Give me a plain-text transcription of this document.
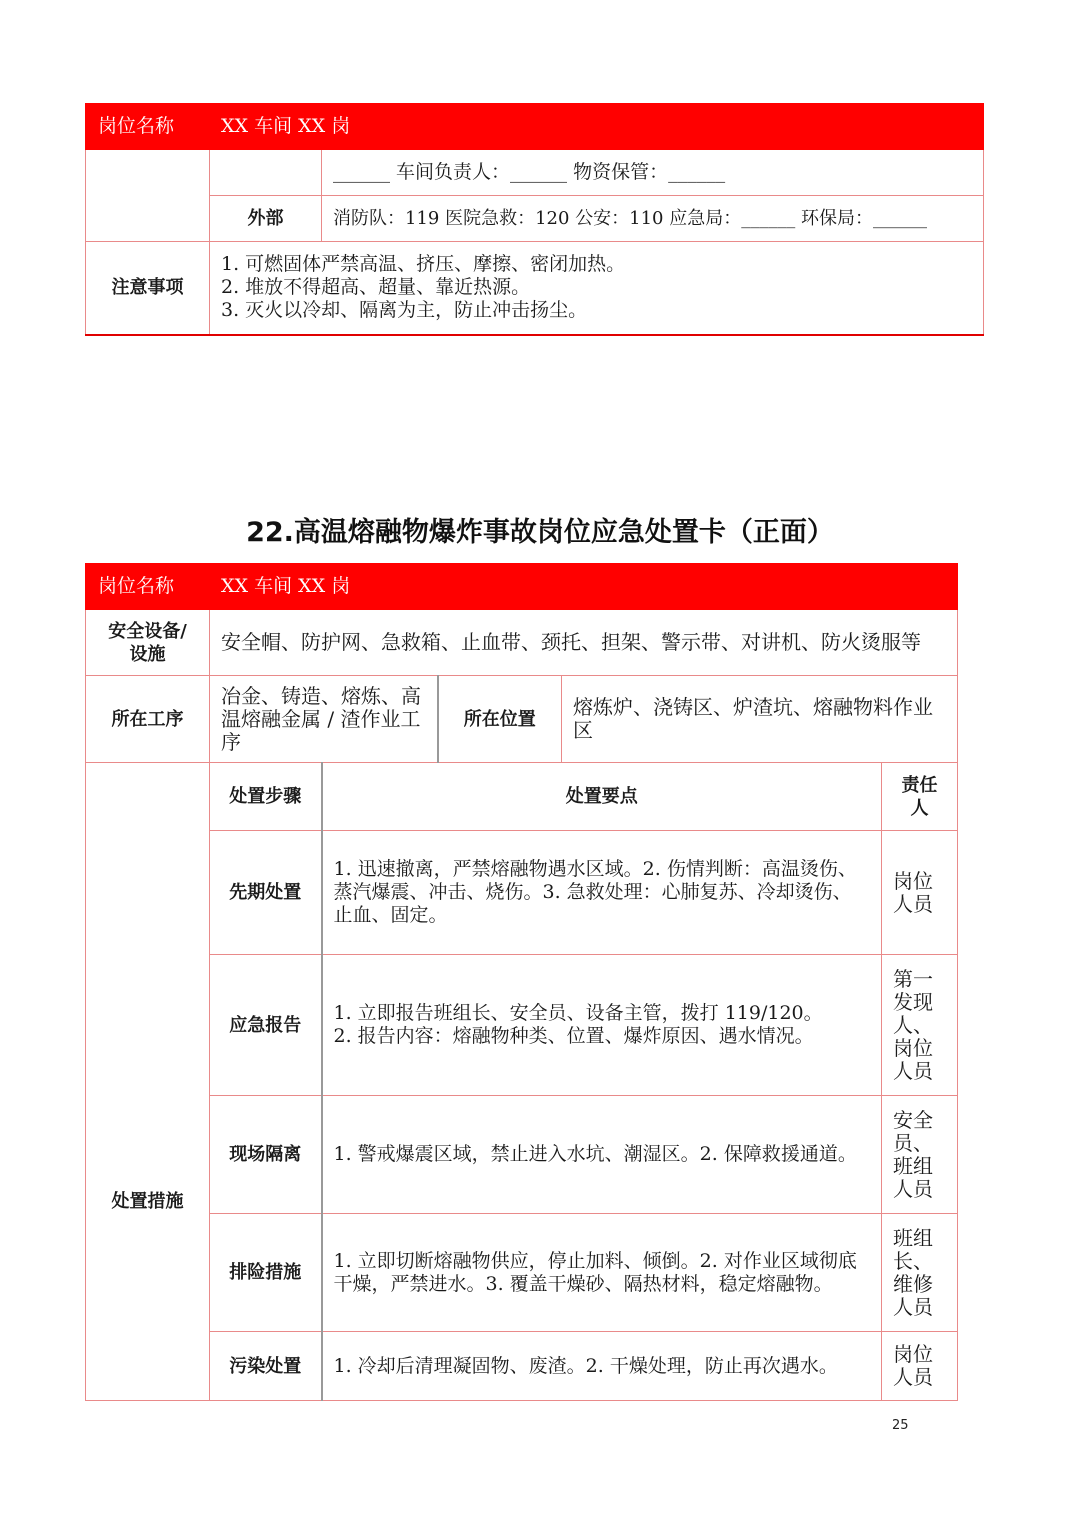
岗位名称	XX 车间 XX 岗	
		______ 车间负责人：______ 物资保管：______
	外部	消防队：119 医院急救：120 公安：110 应急局：______ 环保局：______
注意事项	1. 可燃固体严禁高温、挤压、摩擦、密闭加热。
2. 堆放不得超高、超量、靠近热源。
3. 灭火以冷却、隔离为主，防止冲击扬尘。	
22.高温熔融物爆炸事故岗位应急处置卡（正面）
岗位名称	XX 车间 XX 岗				
安全设备/设施	安全帽、防护网、急救箱、止血带、颈托、担架、警示带、对讲机、防火烫服等				
所在工序	冶金、铸造、熔炼、高温熔融金属 / 渣作业工序		所在位置	熔炼炉、浇铸区、炉渣坑、熔融物料作业区	
处置措施	处置步骤	处置要点			责任人
	先期处置	1. 迅速撤离，严禁熔融物遇水区域。2. 伤情判断：高温烫伤、蒸汽爆震、冲击、烧伤。3. 急救处理：心肺复苏、冷却烫伤、止血、固定。			岗位人员
	应急报告	1. 立即报告班组长、安全员、设备主管，拨打 119/120。
2. 报告内容：熔融物种类、位置、爆炸原因、遇水情况。			第一发现人、岗位人员
	现场隔离	1. 警戒爆震区域，禁止进入水坑、潮湿区。2. 保障救援通道。			安全员、班组人员
	排险措施	1. 立即切断熔融物供应，停止加料、倾倒。2. 对作业区域彻底干燥，严禁进水。3. 覆盖干燥砂、隔热材料，稳定熔融物。			班组长、维修人员
	污染处置	1. 冷却后清理凝固物、废渣。2. 干燥处理，防止再次遇水。			岗位人员
25
